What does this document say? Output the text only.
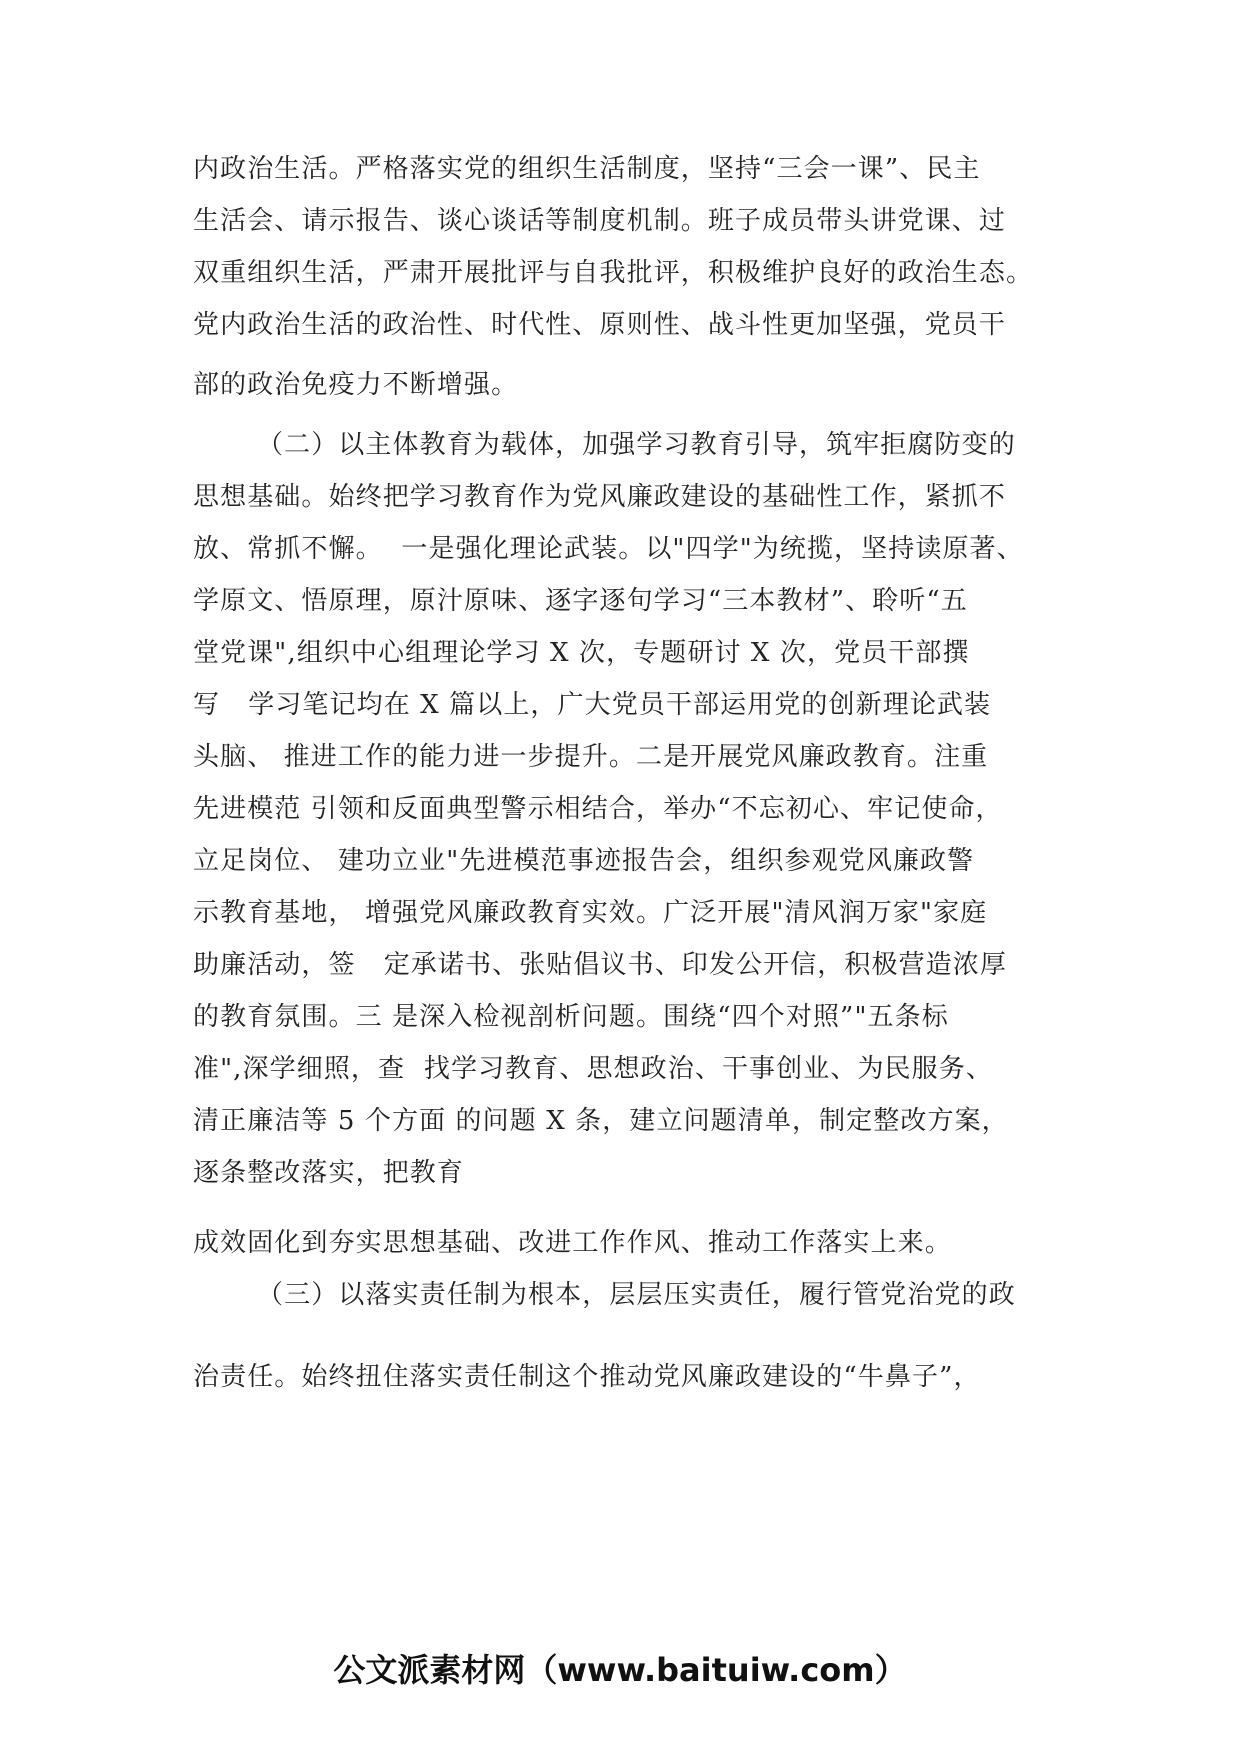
内政治生活。严格落实党的组织生活制度，坚持“三会一课”、民主
生活会、请示报告、谈心谈话等制度机制。班子成员带头讲党课、过
双重组织生活，严肃开展批评与自我批评，积极维护良好的政治生态。
党内政治生活的政治性、时代性、原则性、战斗性更加坚强，党员干
部的政治免疫力不断增强。
（二）以主体教育为载体，加强学习教育引导，筑牢拒腐防变的
思想基础。始终把学习教育作为党风廉政建设的基础性工作，紧抓不
放、常抓不懈。  一是强化理论武装。以"四学"为统揽，坚持读原著、
学原文、悟原理，原汁原味、逐字逐句学习“三本教材”、聆听“五
堂党课",组织中心组理论学习 X 次，专题研讨 X 次，党员干部撰
写   学习笔记均在 X 篇以上，广大党员干部运用党的创新理论武装
头脑、 推进工作的能力进一步提升。二是开展党风廉政教育。注重
先进模范 引领和反面典型警示相结合，举办“不忘初心、牢记使命，
立足岗位、 建功立业"先进模范事迹报告会，组织参观党风廉政警
示教育基地， 增强党风廉政教育实效。广泛开展"清风润万家"家庭
助廉活动，签   定承诺书、张贴倡议书、印发公开信，积极营造浓厚
的教育氛围。三 是深入检视剖析问题。围绕“四个对照”"五条标
准",深学细照，查  找学习教育、思想政治、干事创业、为民服务、
清正廉洁等 5 个方面 的问题 X 条，建立问题清单，制定整改方案，
逐条整改落实，把教育
成效固化到夯实思想基础、改进工作作风、推动工作落实上来。
（三）以落实责任制为根本，层层压实责任，履行管党治党的政
治责任。始终扭住落实责任制这个推动党风廉政建设的“牛鼻子”，
公文派素材网（www.baituiw.com）
